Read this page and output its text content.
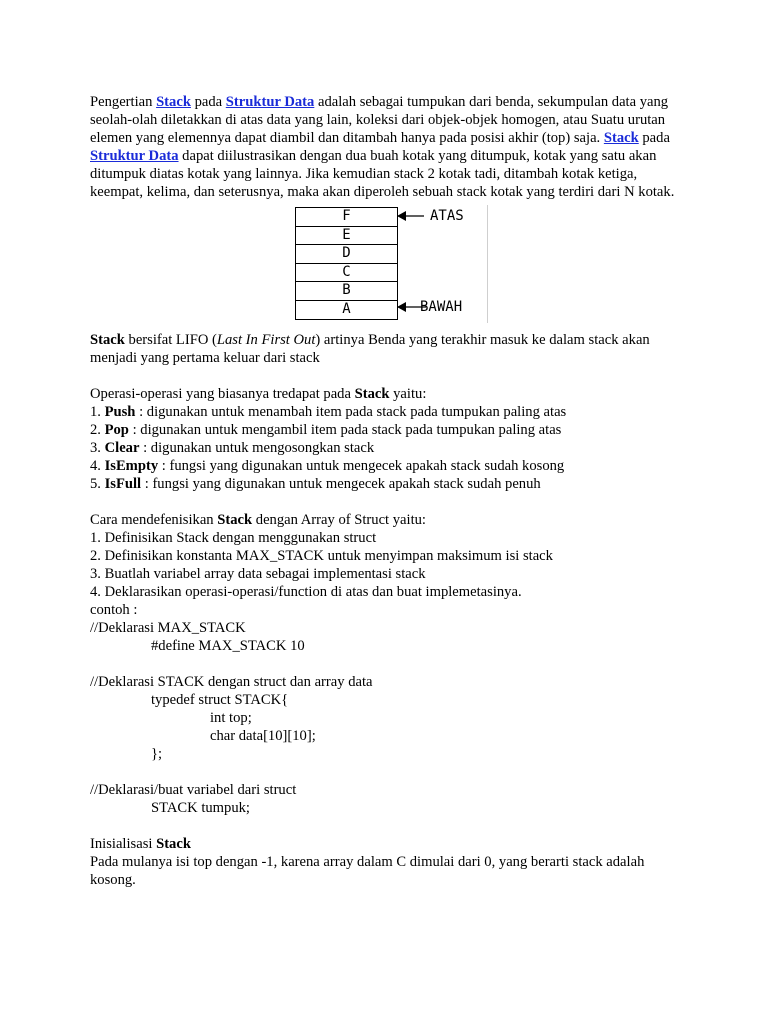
Pengertian Stack pada Struktur Data adalah sebagai tumpukan dari benda, sekumpulan data yang seolah-olah diletakkan di atas data yang lain, koleksi dari objek-objek homogen, atau Suatu urutan elemen yang elemennya dapat diambil dan ditambah hanya pada posisi akhir (top) saja. Stack pada Struktur Data dapat diilustrasikan dengan dua buah kotak yang ditumpuk, kotak yang satu akan ditumpuk diatas kotak yang lainnya. Jika kemudian stack 2 kotak tadi, ditambah kotak ketiga, keempat, kelima, dan seterusnya, maka akan diperoleh sebuah stack kotak yang terdiri dari N kotak.

F
E
D
C
B
A
ATAS
BAWAH

Stack bersifat LIFO (Last In First Out) artinya Benda yang terakhir masuk ke dalam stack akan menjadi yang pertama keluar dari stack

Operasi-operasi yang biasanya tredapat pada Stack yaitu:

1. Push : digunakan untuk menambah item pada stack pada tumpukan paling atas

2. Pop : digunakan untuk mengambil item pada stack pada tumpukan paling atas

3. Clear : digunakan untuk mengosongkan stack

4. IsEmpty : fungsi yang digunakan untuk mengecek apakah stack sudah kosong

5. IsFull : fungsi yang digunakan untuk mengecek apakah stack sudah penuh

Cara mendefenisikan Stack dengan Array of Struct yaitu:

1. Definisikan Stack dengan menggunakan struct

2. Definisikan konstanta MAX_STACK untuk menyimpan maksimum isi stack

3. Buatlah variabel array data sebagai implementasi stack

4. Deklarasikan operasi-operasi/function di atas dan buat implemetasinya.

contoh :

//Deklarasi MAX_STACK

#define MAX_STACK 10

//Deklarasi STACK dengan struct dan array data

typedef struct STACK{

int top;

char data[10][10];

};

//Deklarasi/buat variabel dari struct

STACK tumpuk;

Inisialisasi Stack

Pada mulanya isi top dengan -1, karena array dalam C dimulai dari 0, yang berarti stack adalah kosong.
